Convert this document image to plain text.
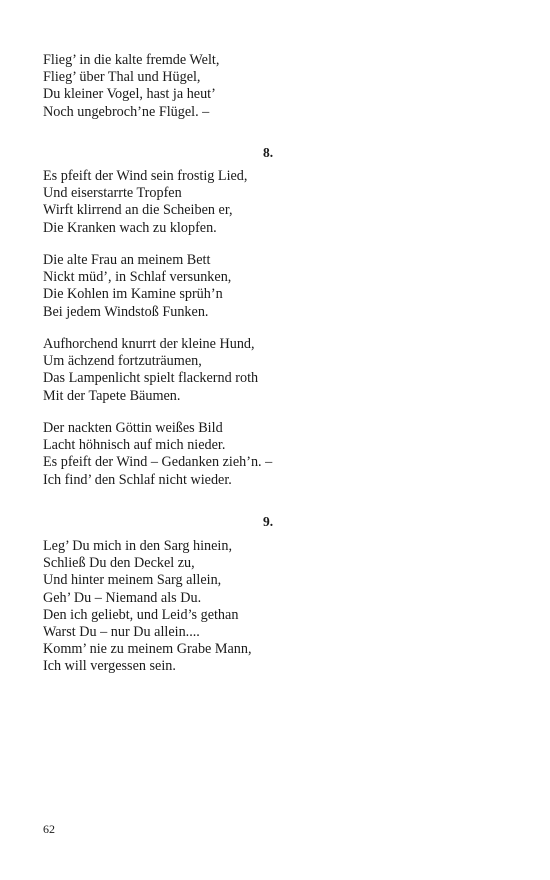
Flieg’ in die kalte fremde Welt,
Flieg’ über Thal und Hügel,
Du kleiner Vogel, hast ja heut’
Noch ungebroch’ne Flügel. –
8.
Es pfeift der Wind sein frostig Lied,
Und eiserstarrte Tropfen
Wirft klirrend an die Scheiben er,
Die Kranken wach zu klopfen.
Die alte Frau an meinem Bett
Nickt müd’, in Schlaf versunken,
Die Kohlen im Kamine sprüh’n
Bei jedem Windstoß Funken.
Aufhorchend knurrt der kleine Hund,
Um ächzend fortzuträumen,
Das Lampenlicht spielt flackernd roth
Mit der Tapete Bäumen.
Der nackten Göttin weißes Bild
Lacht höhnisch auf mich nieder.
Es pfeift der Wind – Gedanken zieh’n. –
Ich find’ den Schlaf nicht wieder.
9.
Leg’ Du mich in den Sarg hinein,
Schließ Du den Deckel zu,
Und hinter meinem Sarg allein,
Geh’ Du – Niemand als Du.
Den ich geliebt, und Leid’s gethan
Warst Du – nur Du allein....
Komm’ nie zu meinem Grabe Mann,
Ich will vergessen sein.
62
